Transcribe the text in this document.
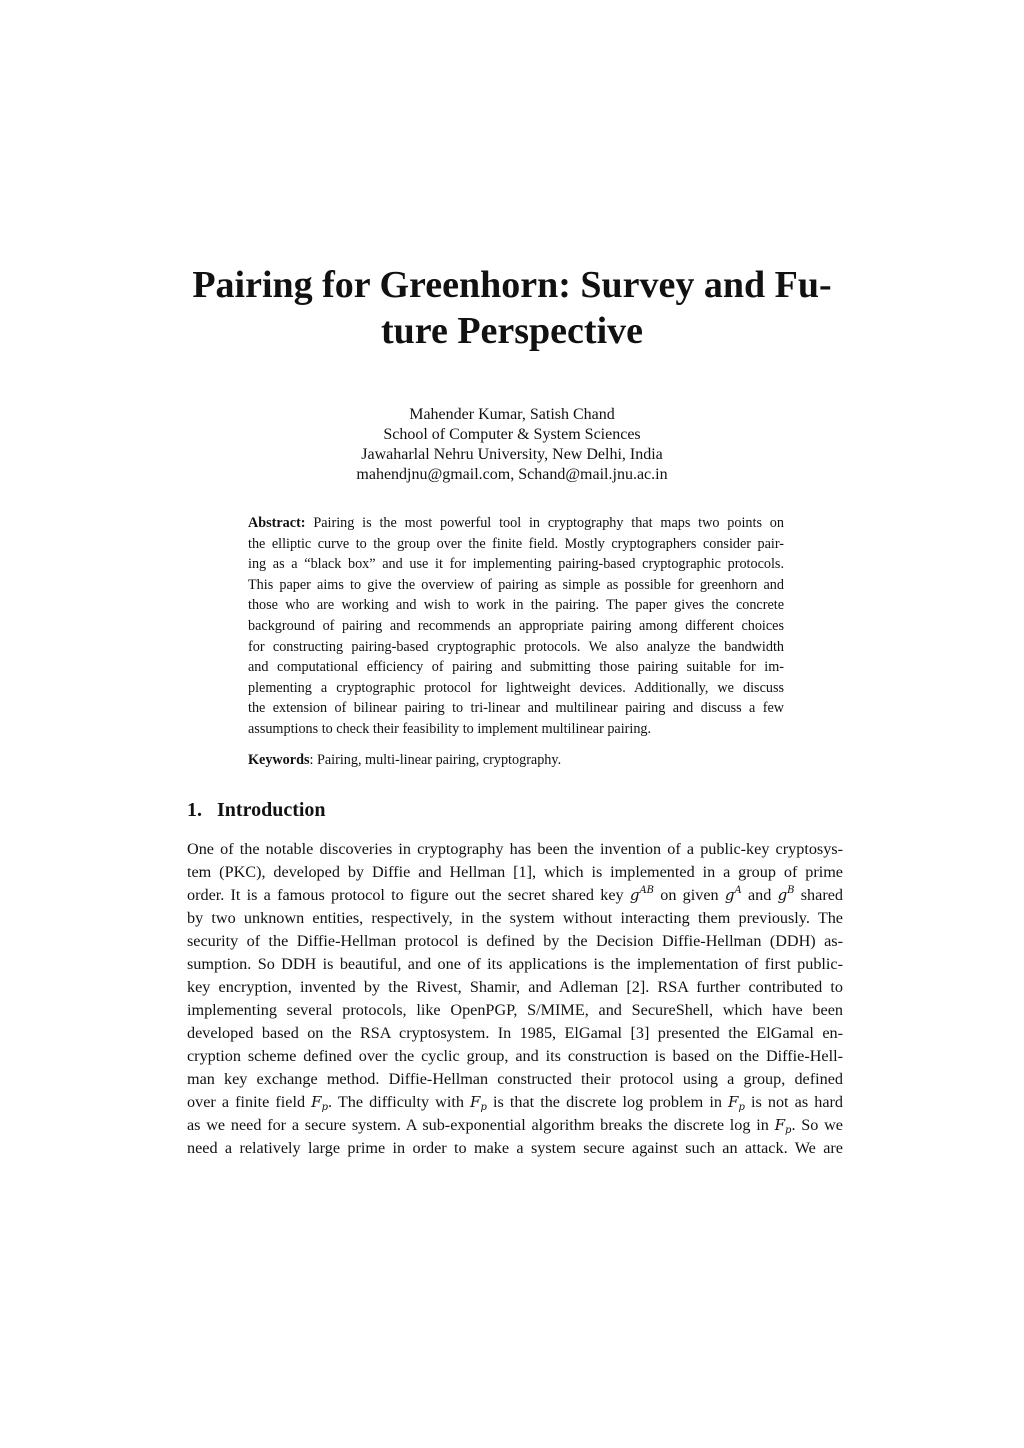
Pairing for Greenhorn: Survey and Fu-
ture Perspective
Mahender Kumar, Satish Chand
School of Computer & System Sciences
Jawaharlal Nehru University, New Delhi, India
mahendjnu@gmail.com, Schand@mail.jnu.ac.in
Abstract: Pairing is the most powerful tool in cryptography that maps two points on
the elliptic curve to the group over the finite field. Mostly cryptographers consider pair-
ing as a “black box” and use it for implementing pairing-based cryptographic protocols.
This paper aims to give the overview of pairing as simple as possible for greenhorn and
those who are working and wish to work in the pairing. The paper gives the concrete
background of pairing and recommends an appropriate pairing among different choices
for constructing pairing-based cryptographic protocols. We also analyze the bandwidth
and computational efficiency of pairing and submitting those pairing suitable for im-
plementing a cryptographic protocol for lightweight devices. Additionally, we discuss
the extension of bilinear pairing to tri-linear and multilinear pairing and discuss a few
assumptions to check their feasibility to implement multilinear pairing.
Keywords: Pairing, multi-linear pairing, cryptography.
1. Introduction
One of the notable discoveries in cryptography has been the invention of a public-key cryptosys-
tem (PKC), developed by Diffie and Hellman [1], which is implemented in a group of prime
order. It is a famous protocol to figure out the secret shared key $g^{AB}$ on given $g^A$ and $g^B$ shared
by two unknown entities, respectively, in the system without interacting them previously. The
security of the Diffie-Hellman protocol is defined by the Decision Diffie-Hellman (DDH) as-
sumption. So DDH is beautiful, and one of its applications is the implementation of first public-
key encryption, invented by the Rivest, Shamir, and Adleman [2]. RSA further contributed to
implementing several protocols, like OpenPGP, S/MIME, and SecureShell, which have been
developed based on the RSA cryptosystem. In 1985, ElGamal [3] presented the ElGamal en-
cryption scheme defined over the cyclic group, and its construction is based on the Diffie-Hell-
man key exchange method. Diffie-Hellman constructed their protocol using a group, defined
over a finite field $F_p$. The difficulty with $F_p$ is that the discrete log problem in $F_p$ is not as hard
as we need for a secure system. A sub-exponential algorithm breaks the discrete log in $F_p$. So we
need a relatively large prime in order to make a system secure against such an attack. We are
